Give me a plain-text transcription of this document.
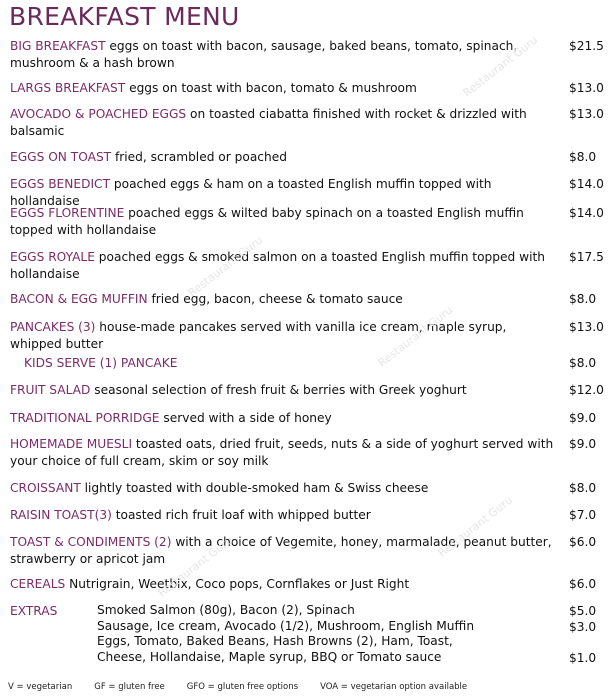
BREAKFAST MENU
BIG BREAKFAST eggs on toast with bacon, sausage, baked beans, tomato, spinach, mushroom & a hash brown
$21.5
LARGS BREAKFAST eggs on toast with bacon, tomato & mushroom	$13.0
AVOCADO & POACHED EGGS on toasted ciabatta finished with rocket & drizzled with balsamic
$13.0
EGGS ON TOAST fried, scrambled or poached	$8.0
EGGS BENEDICT poached eggs & ham on a toasted English muffin topped with hollandaise
$14.0
EGGS FLORENTINE poached eggs & wilted baby spinach on a toasted English muffin topped with hollandaise
$14.0
EGGS ROYALE poached eggs & smoked salmon on a toasted English muffin topped with hollandaise
$17.5
BACON & EGG MUFFIN fried egg, bacon, cheese & tomato sauce	$8.0
PANCAKES (3) house-made pancakes served with vanilla ice cream, maple syrup, whipped butter
$13.0
KIDS SERVE (1) PANCAKE	$8.0
FRUIT SALAD seasonal selection of fresh fruit & berries with Greek yoghurt	$12.0
TRADITIONAL PORRIDGE served with a side of honey	$9.0
HOMEMADE MUESLI toasted oats, dried fruit, seeds, nuts & a side of yoghurt served with your choice of full cream, skim or soy milk
$9.0
CROISSANT lightly toasted with double-smoked ham & Swiss cheese	$8.0
RAISIN TOAST(3) toasted rich fruit loaf with whipped butter	$7.0
TOAST & CONDIMENTS (2) with a choice of Vegemite, honey, marmalade, peanut butter, strawberry or apricot jam
$6.0
CEREALS Nutrigrain, Weetbix, Coco pops, Cornflakes or Just Right	$6.0
EXTRAS	Smoked Salmon (80g), Bacon (2), Spinach	$5.0
Sausage, Ice cream, Avocado (1/2), Mushroom, English Muffin	$3.0
Eggs, Tomato, Baked Beans, Hash Browns (2), Ham, Toast,
Cheese, Hollandaise, Maple syrup, BBQ or Tomato sauce	$1.0
V = vegetarian	GF = gluten free	GFO = gluten free options	VOA = vegetarian option available
Restaurant Guru
Restaurant Guru
Restaurant Guru
Restaurant Guru
Restaurant Guru
